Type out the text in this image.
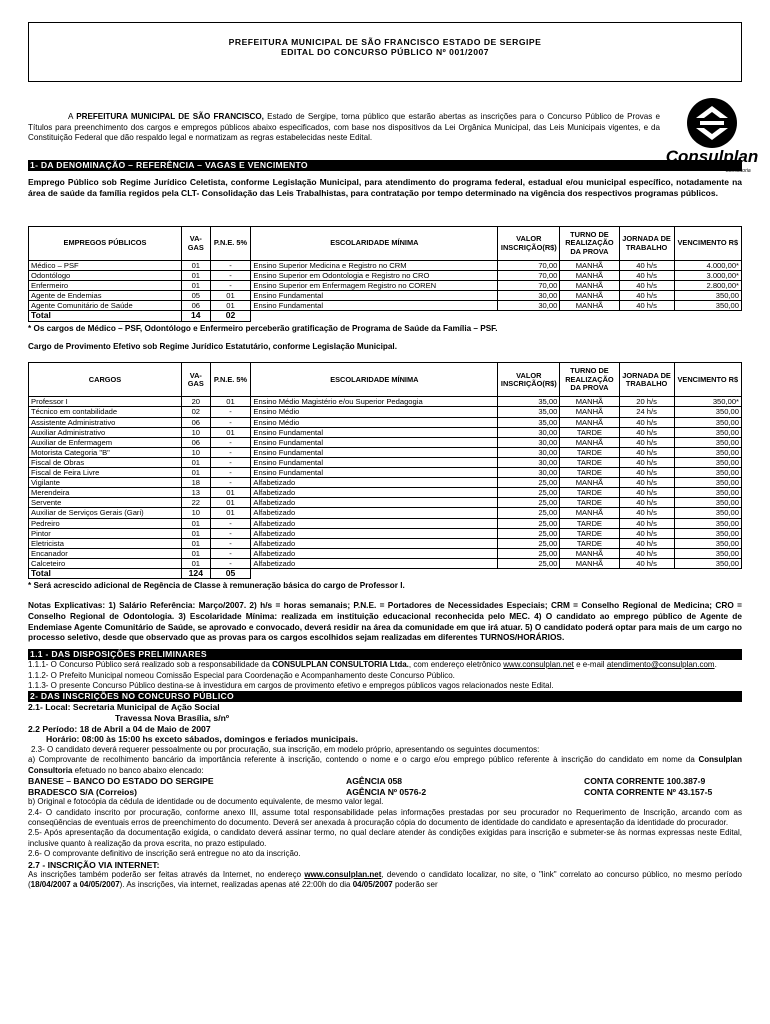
PREFEITURA MUNICIPAL DE SÃO FRANCISCO ESTADO DE SERGIPE
EDITAL DO CONCURSO PÚBLICO Nº 001/2007

A PREFEITURA MUNICIPAL DE SÃO FRANCISCO, Estado de Sergipe, torna público que estarão abertas as inscrições para o Concurso Público de Provas e Títulos para preenchimento dos cargos e empregos públicos abaixo especificados, com base nos dispositivos da Lei Orgânica Municipal, das Leis Municipais vigentes, e da Constituição Federal que dão respaldo legal e normatizam as regras estabelecidas neste Edital.

Consulplan
Consultoria
1- DA DENOMINAÇÃO – REFERÊNCIA – VAGAS E VENCIMENTO

Emprego Público sob Regime Jurídico Celetista, conforme Legislação Municipal, para atendimento do programa federal, estadual e/ou municipal específico, notadamente na área de saúde da família regidos pela CLT- Consolidação das Leis Trabalhistas, para contratação por tempo determinado na vigência dos respectivos programas públicos.

EMPREGOS PÚBLICOS	VA-GAS	P.N.E. 5%	ESCOLARIDADE MÍNIMA	VALOR INSCRIÇÃO(R$)	TURNO DE REALIZAÇÃO DA PROVA	JORNADA DE TRABALHO	VENCIMENTO R$
Médico – PSF	01	-	Ensino Superior Medicina e Registro no CRM	70,00	MANHÃ	40 h/s	4.000,00*
Odontólogo	01	-	Ensino Superior em Odontologia e Registro no CRO	70,00	MANHÃ	40 h/s	3.000,00*
Enfermeiro	01	-	Ensino Superior em Enfermagem Registro no COREN	70,00	MANHÃ	40 h/s	2.800,00*
Agente de Endemias	05	01	Ensino Fundamental	30,00	MANHÃ	40 h/s	350,00
Agente Comunitário de Saúde	06	01	Ensino Fundamental	30,00	MANHÃ	40 h/s	350,00
Total	14	02					

* Os cargos de Médico – PSF, Odontólogo e Enfermeiro perceberão gratificação de Programa de Saúde da Família – PSF.

Cargo de Provimento Efetivo sob Regime Jurídico Estatutário, conforme Legislação Municipal.

CARGOS	VA-GAS	P.N.E. 5%	ESCOLARIDADE MÍNIMA	VALOR INSCRIÇÃO(R$)	TURNO DE REALIZAÇÃO DA PROVA	JORNADA DE TRABALHO	VENCIMENTO R$
Professor I	20	01	Ensino Médio Magistério e/ou Superior Pedagogia	35,00	MANHÃ	20 h/s	350,00*
Técnico em contabilidade	02	-	Ensino Médio	35,00	MANHÃ	24 h/s	350,00
Assistente Administrativo	06	-	Ensino Médio	35,00	MANHÃ	40 h/s	350,00
Auxiliar Administrativo	10	01	Ensino Fundamental	30,00	TARDE	40 h/s	350,00
Auxiliar de Enfermagem	06	-	Ensino Fundamental	30,00	MANHÃ	40 h/s	350,00
Motorista Categoria "B"	10	-	Ensino Fundamental	30,00	TARDE	40 h/s	350,00
Fiscal de Obras	01	-	Ensino Fundamental	30,00	TARDE	40 h/s	350,00
Fiscal de Feira Livre	01	-	Ensino Fundamental	30,00	TARDE	40 h/s	350,00
Vigilante	18	-	Alfabetizado	25,00	MANHÃ	40 h/s	350,00
Merendeira	13	01	Alfabetizado	25,00	TARDE	40 h/s	350,00
Servente	22	01	Alfabetizado	25,00	TARDE	40 h/s	350,00
Auxiliar de Serviços Gerais (Gari)	10	01	Alfabetizado	25,00	MANHÃ	40 h/s	350,00
Pedreiro	01	-	Alfabetizado	25,00	TARDE	40 h/s	350,00
Pintor	01	-	Alfabetizado	25,00	TARDE	40 h/s	350,00
Eletricista	01	-	Alfabetizado	25,00	TARDE	40 h/s	350,00
Encanador	01	-	Alfabetizado	25,00	MANHÃ	40 h/s	350,00
Calceteiro	01	-	Alfabetizado	25,00	MANHÃ	40 h/s	350,00
Total	124	05					

* Será acrescido adicional de Regência de Classe à remuneração básica do cargo de Professor I.

Notas Explicativas: 1) Salário Referência: Março/2007. 2) h/s = horas semanais; P.N.E. = Portadores de Necessidades Especiais; CRM = Conselho Regional de Medicina; CRO = Conselho Regional de Odontologia. 3) Escolaridade Mínima: realizada em instituição educacional reconhecida pelo MEC. 4) O candidato ao emprego público de Agente de Endemiase Agente Comunitário de Saúde, se aprovado e convocado, deverá residir na área da comunidade em que irá atuar. 5) O candidato poderá optar para mais de um cargo no processo seletivo, desde que observado que as provas para os cargos escolhidos sejam realizadas em diferentes TURNOS/HORÁRIOS.

1.1 - DAS DISPOSIÇÕES PRELIMINARES

1.1.1- O Concurso Público será realizado sob a responsabilidade da CONSULPLAN CONSULTORIA Ltda., com endereço eletrônico www.consulplan.net e e-mail atendimento@consulplan.com.

1.1.2- O Prefeito Municipal nomeou Comissão Especial para Coordenação e Acompanhamento deste Concurso Público.

1.1.3- O presente Concurso Público destina-se à investidura em cargos de provimento efetivo e empregos públicos vagos relacionados neste Edital.

2- DAS INSCRIÇÕES NO CONCURSO PÚBLICO
2.1- Local: Secretaria Municipal de Ação Social
Travessa Nova Brasília, s/nº
2.2 Período: 18 de Abril a 04 de Maio de 2007
Horário: 08:00 às 15:00 hs exceto sábados, domingos e feriados municipais.

2.3- O candidato deverá requerer pessoalmente ou por procuração, sua inscrição, em modelo próprio, apresentando os seguintes documentos:

a) Comprovante de recolhimento bancário da importância referente à inscrição, contendo o nome e o cargo e/ou emprego público referente à inscrição do candidato em nome da Consulplan Consultoria efetuado no banco abaixo elencado:

BANESE – BANCO DO ESTADO DO SERGIPE	AGÊNCIA 058	CONTA CORRENTE 100.387-9
BRADESCO S/A (Correios)	AGÊNCIA Nº 0576-2	CONTA CORRENTE Nº 43.157-5

b) Original e fotocópia da cédula de identidade ou de documento equivalente, de mesmo valor legal.

2.4- O candidato inscrito por procuração, conforme anexo III, assume total responsabilidade pelas informações prestadas por seu procurador no Requerimento de Inscrição, arcando com as conseqüências de eventuais erros de preenchimento do documento. Deverá ser anexada à procuração cópia do documento de identidade do candidato e apresentação da identidade do procurador.

2.5- Após apresentação da documentação exigida, o candidato deverá assinar termo, no qual declare atender às condições exigidas para inscrição e submeter-se às normas expressas neste Edital, inclusive quanto à realização da prova escrita, no prazo estipulado.

2.6- O comprovante definitivo de inscrição será entregue no ato da inscrição.

2.7 - INSCRIÇÃO VIA INTERNET:

As inscrições também poderão ser feitas através da Internet, no endereço www.consulplan.net, devendo o candidato localizar, no site, o "link" correlato ao concurso público, no mesmo período (18/04/2007 a 04/05/2007). As inscrições, via internet, realizadas apenas até 22:00h do dia 04/05/2007 poderão ser
